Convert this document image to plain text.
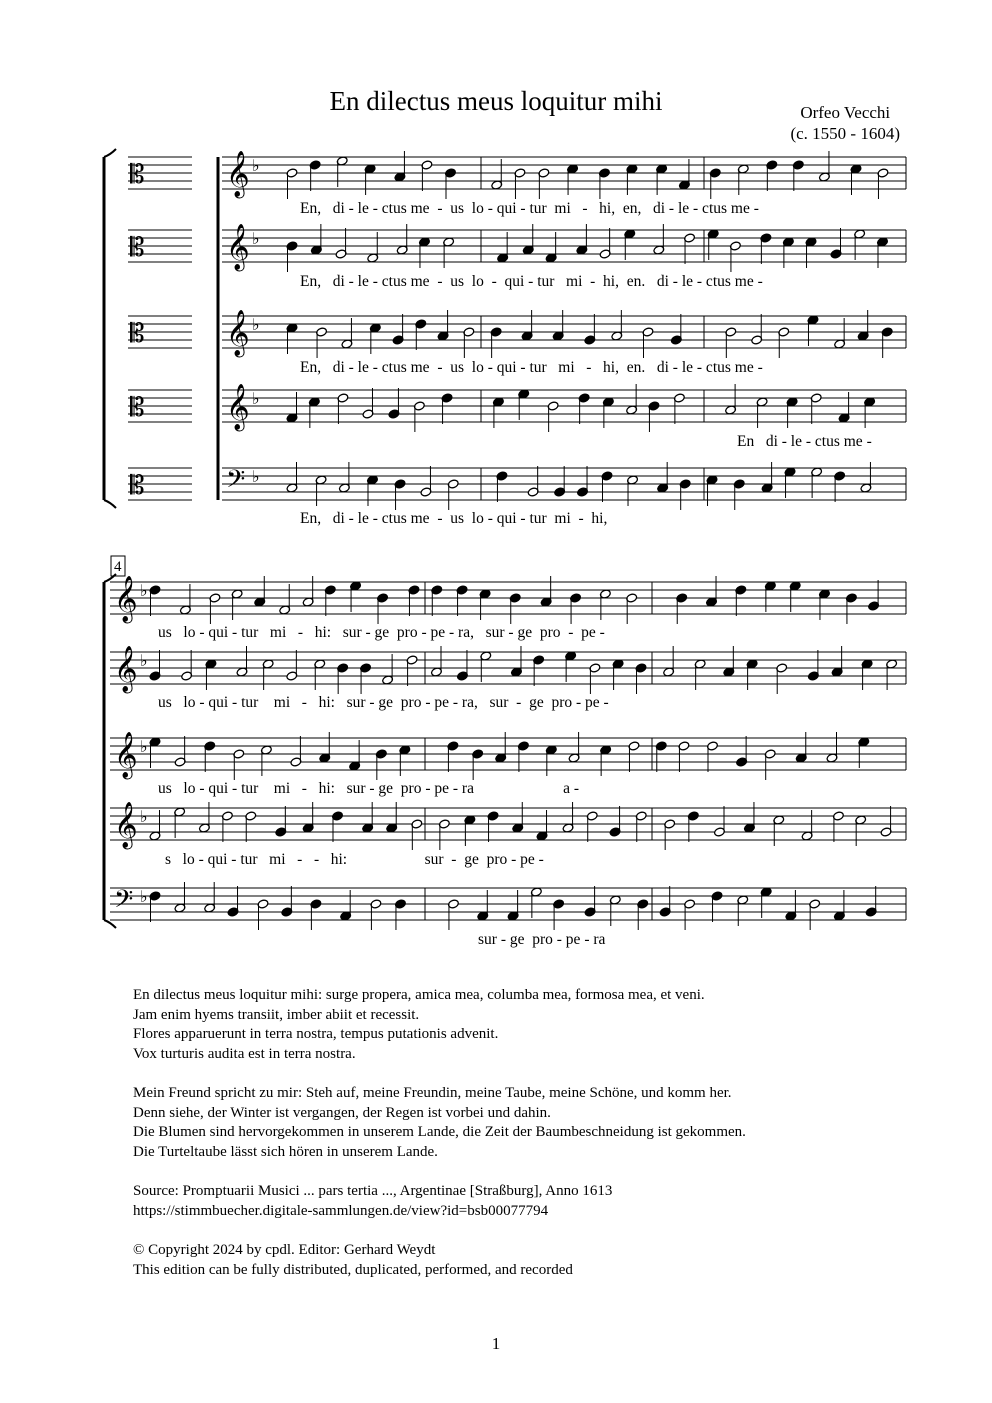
En dilectus meus loquitur mihi	Orfeo Vecchi
(c. 1550 - 1604)
𝄡 𝄞 ♭
𝄡 𝄞 ♭
𝄡 𝄞 ♭
𝄡 𝄞 ♭
𝄡	𝄢 ♭
𝄞 ♭
𝄞 ♭
𝄞 ♭
𝄞 ♭
𝄢 ♭
4
En,   di - le - ctus me  -  us  lo - qui - tur  mi   -   hi,  en,   di - le - ctus me -
En,   di - le - ctus me  -  us  lo  -  qui - tur   mi  -  hi,  en.   di - le - ctus me -
En,   di - le - ctus me  -  us  lo - qui - tur   mi   -   hi,  en.   di - le - ctus me -
En   di - le - ctus me -
En,   di - le - ctus me  -  us  lo - qui - tur  mi  -  hi,
us   lo - qui - tur   mi   -   hi:   sur - ge  pro - pe - ra,   sur - ge  pro  -  pe -
us   lo - qui - tur    mi   -   hi:   sur - ge  pro - pe - ra,   sur  -  ge  pro - pe -
us   lo - qui - tur    mi   -   hi:   sur - ge  pro - pe - ra                       a -
s   lo - qui - tur   mi   -   -   hi:                    sur  -  ge  pro - pe -
sur - ge  pro - pe - ra
En dilectus meus loquitur mihi: surge propera, amica mea, columba mea, formosa mea, et veni.
Jam enim hyems transiit, imber abiit et recessit.
Flores apparuerunt in terra nostra, tempus putationis advenit.
Vox turturis audita est in terra nostra.
Mein Freund spricht zu mir: Steh auf, meine Freundin, meine Taube, meine Schöne, und komm her.
Denn siehe, der Winter ist vergangen, der Regen ist vorbei und dahin.
Die Blumen sind hervorgekommen in unserem Lande, die Zeit der Baumbeschneidung ist gekommen.
Die Turteltaube lässt sich hören in unserem Lande.
Source: Promptuarii Musici ... pars tertia ..., Argentinae [Straßburg], Anno 1613
https://stimmbuecher.digitale-sammlungen.de/view?id=bsb00077794
© Copyright 2024 by cpdl. Editor: Gerhard Weydt
This edition can be fully distributed, duplicated, performed, and recorded
1
